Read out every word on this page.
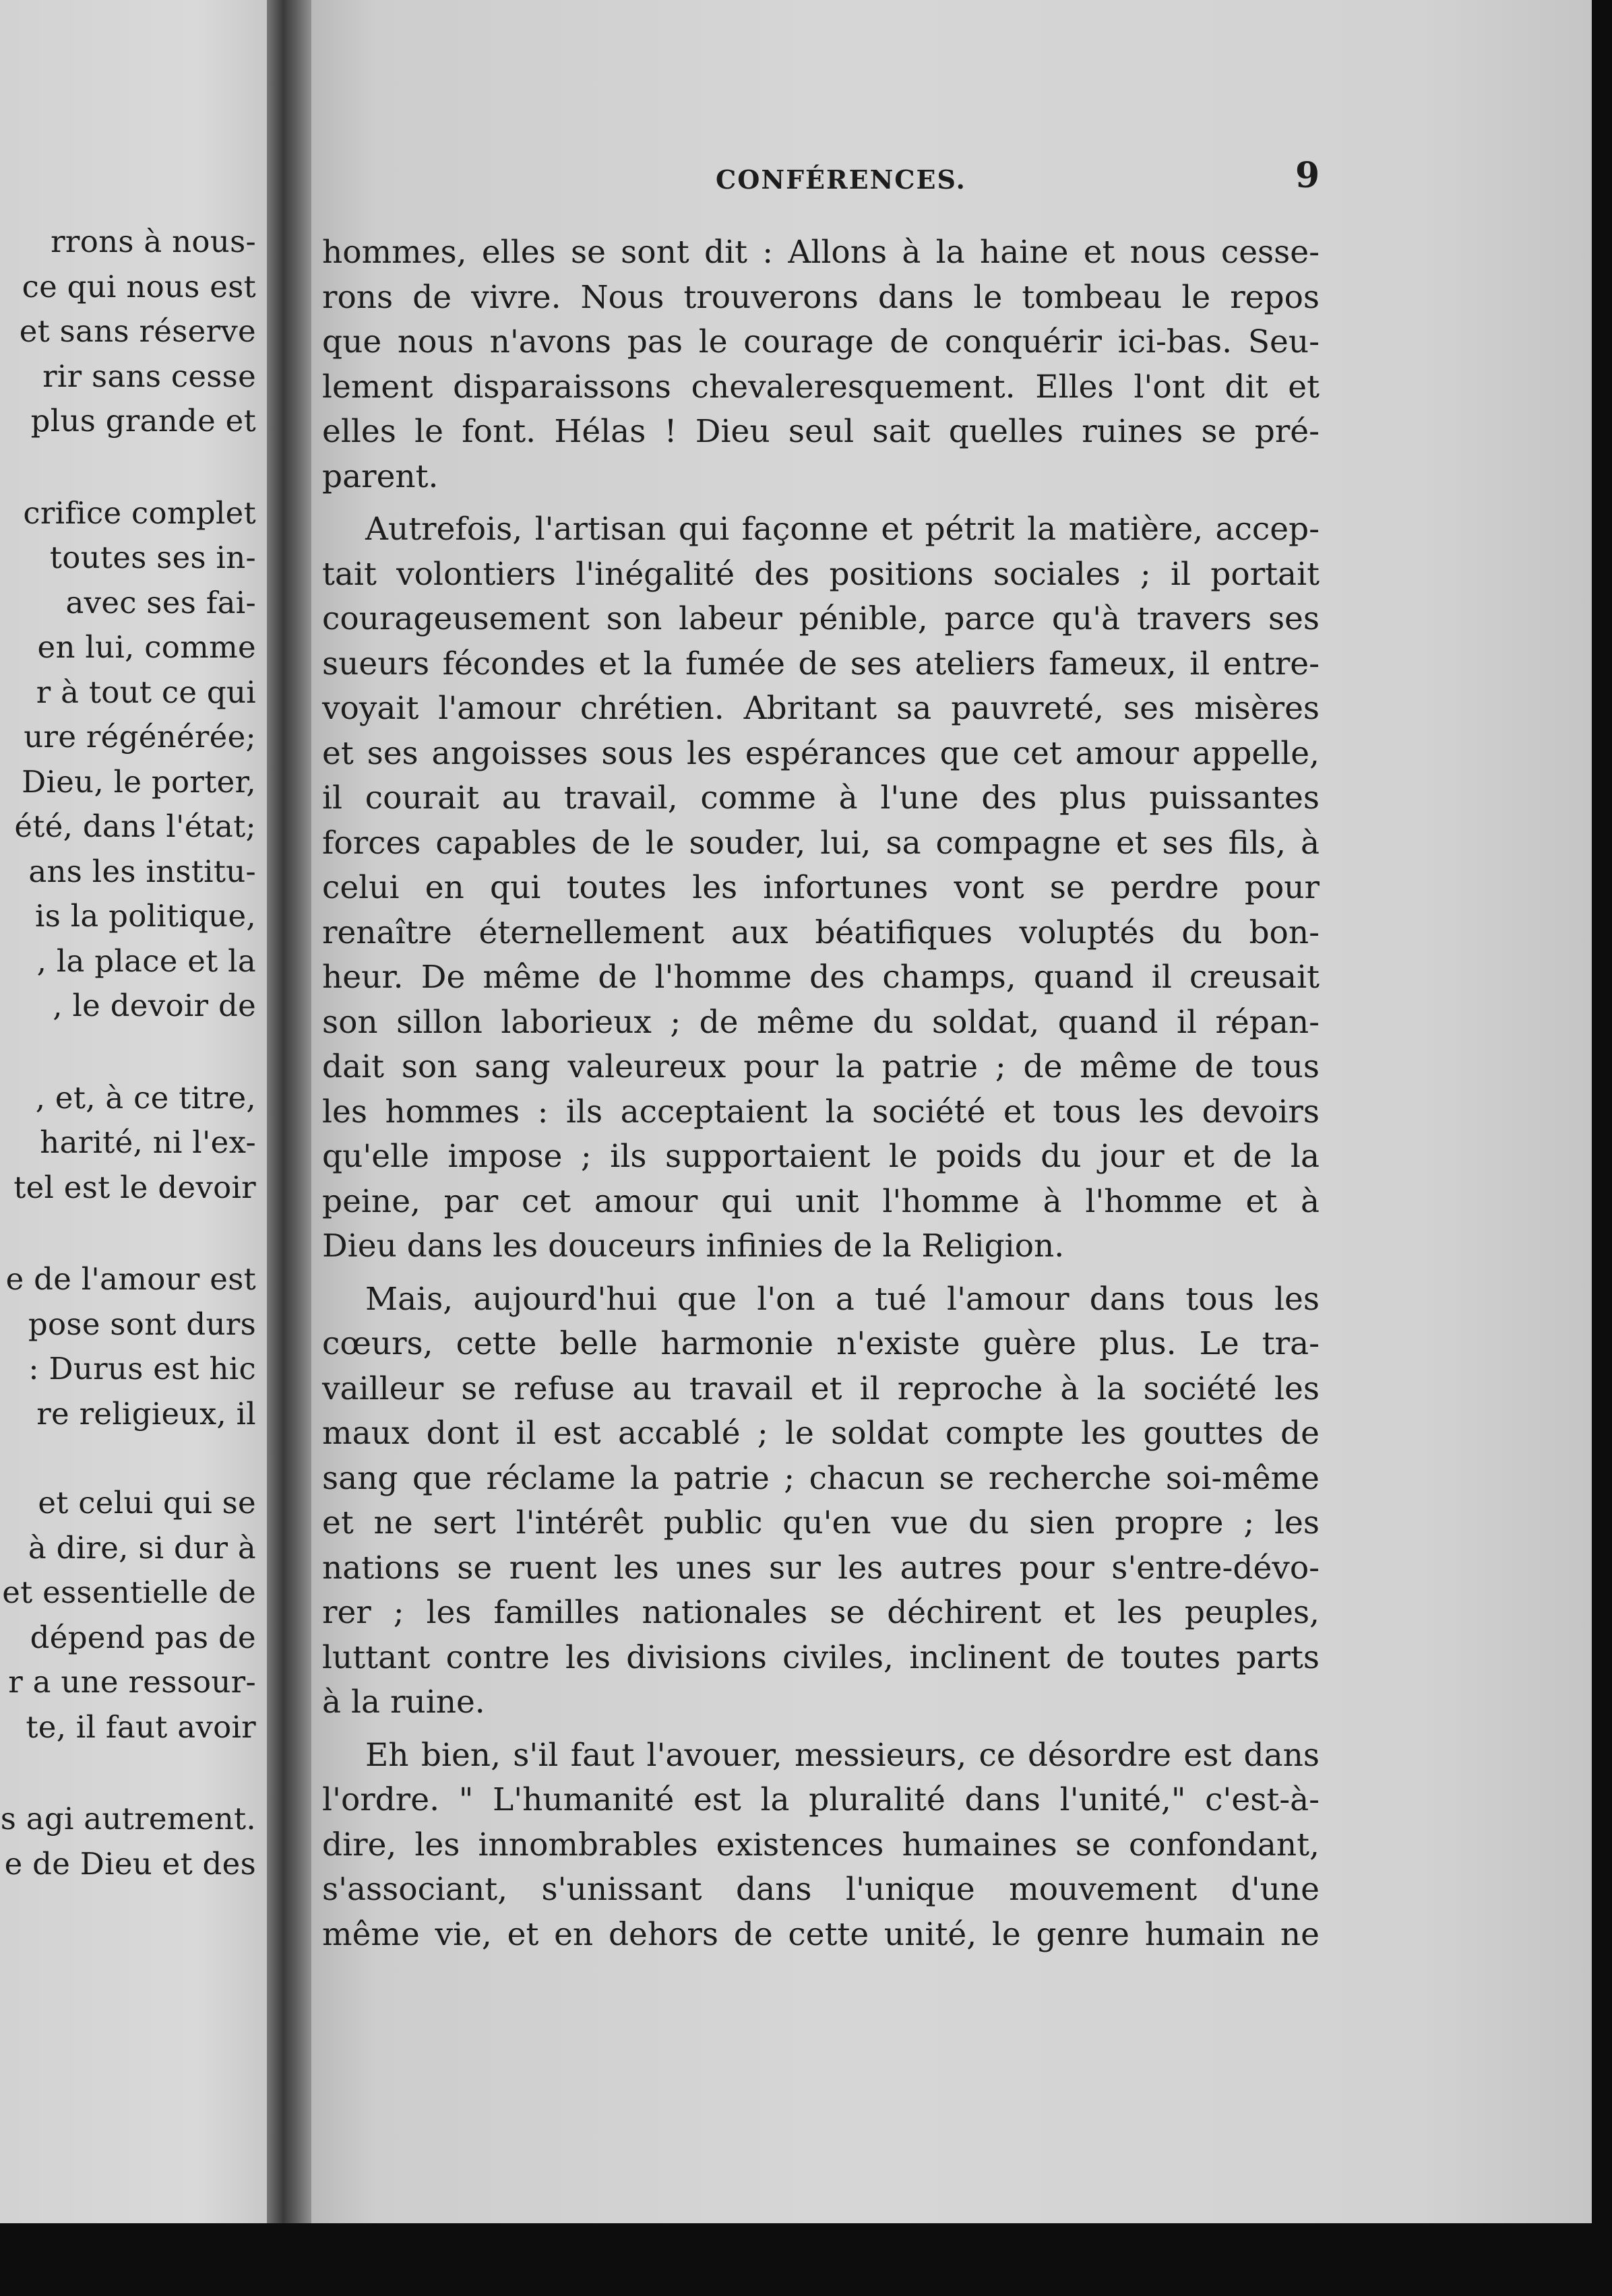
rrons à nous-
ce qui nous est
et sans réserve
rir sans cesse
plus grande et
crifice complet
toutes ses in-
avec ses fai-
en lui, comme
r à tout ce qui
ure régénérée;
Dieu, le porter,
été, dans l'état;
ans les institu-
is la politique,
, la place et la
, le devoir de
, et, à ce titre,
harité, ni l'ex-
tel est le devoir
e de l'amour est
pose sont durs
: Durus est hic
re religieux, il
et celui qui se
à dire, si dur à
et essentielle de
dépend pas de
r a une ressour-
te, il faut avoir
s agi autrement.
e de Dieu et des
CONFÉRENCES.	9
hommes, elles se sont dit : Allons à la haine et nous cesse-
rons de vivre. Nous trouverons dans le tombeau le repos
que nous n'avons pas le courage de conquérir ici-bas. Seu-
lement disparaissons chevaleresquement. Elles l'ont dit et
elles le font. Hélas ! Dieu seul sait quelles ruines se pré-
parent.
Autrefois, l'artisan qui façonne et pétrit la matière, accep-
tait volontiers l'inégalité des positions sociales ; il portait
courageusement son labeur pénible, parce qu'à travers ses
sueurs fécondes et la fumée de ses ateliers fameux, il entre-
voyait l'amour chrétien. Abritant sa pauvreté, ses misères
et ses angoisses sous les espérances que cet amour appelle,
il courait au travail, comme à l'une des plus puissantes
forces capables de le souder, lui, sa compagne et ses fils, à
celui en qui toutes les infortunes vont se perdre pour
renaître éternellement aux béatifiques voluptés du bon-
heur. De même de l'homme des champs, quand il creusait
son sillon laborieux ; de même du soldat, quand il répan-
dait son sang valeureux pour la patrie ; de même de tous
les hommes : ils acceptaient la société et tous les devoirs
qu'elle impose ; ils supportaient le poids du jour et de la
peine, par cet amour qui unit l'homme à l'homme et à
Dieu dans les douceurs infinies de la Religion.
Mais, aujourd'hui que l'on a tué l'amour dans tous les
cœurs, cette belle harmonie n'existe guère plus. Le tra-
vailleur se refuse au travail et il reproche à la société les
maux dont il est accablé ; le soldat compte les gouttes de
sang que réclame la patrie ; chacun se recherche soi-même
et ne sert l'intérêt public qu'en vue du sien propre ; les
nations se ruent les unes sur les autres pour s'entre-dévo-
rer ; les familles nationales se déchirent et les peuples,
luttant contre les divisions civiles, inclinent de toutes parts
à la ruine.
Eh bien, s'il faut l'avouer, messieurs, ce désordre est dans
l'ordre. " L'humanité est la pluralité dans l'unité," c'est-à-
dire, les innombrables existences humaines se confondant,
s'associant, s'unissant dans l'unique mouvement d'une
même vie, et en dehors de cette unité, le genre humain ne
